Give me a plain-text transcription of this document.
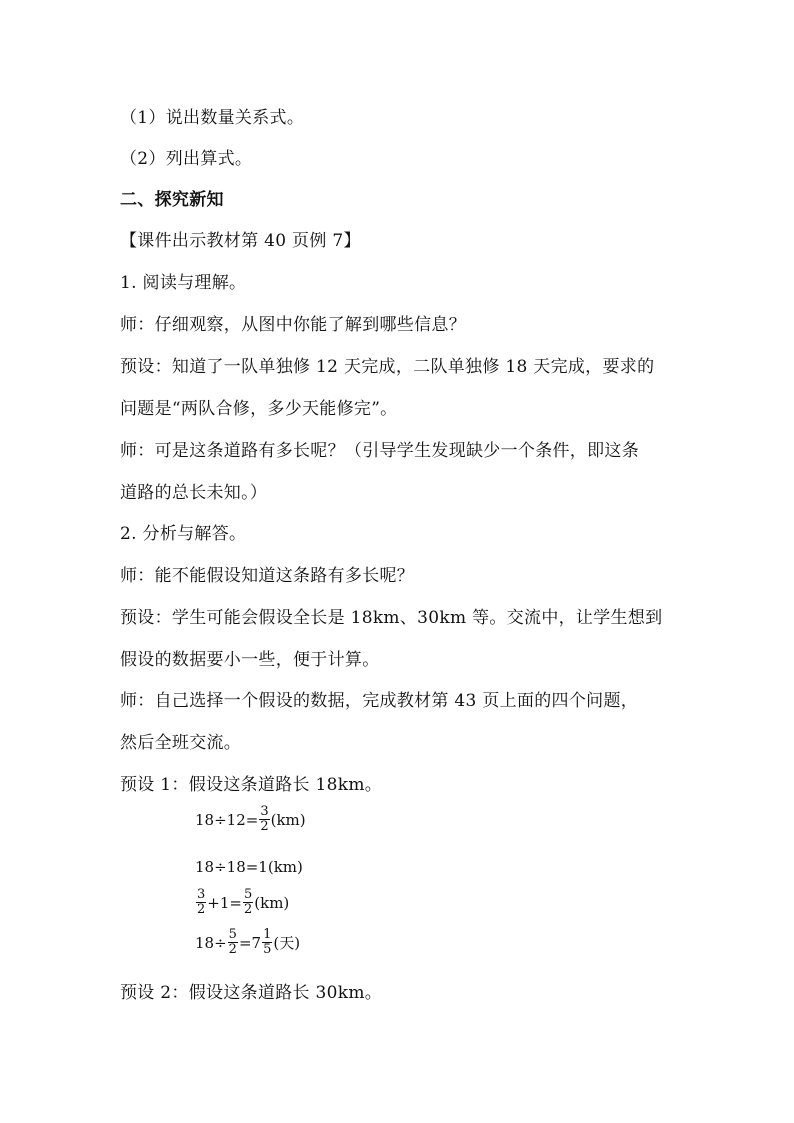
（1）说出数量关系式。
（2）列出算式。
二、探究新知
【课件出示教材第 40 页例 7】
1. 阅读与理解。
师：仔细观察，从图中你能了解到哪些信息？
预设：知道了一队单独修 12 天完成，二队单独修 18 天完成，要求的
问题是“两队合修，多少天能修完”。
师：可是这条道路有多长呢？（引导学生发现缺少一个条件，即这条
道路的总长未知。）
2. 分析与解答。
师：能不能假设知道这条路有多长呢？
预设：学生可能会假设全长是 18km、30km 等。交流中，让学生想到
假设的数据要小一些，便于计算。
师：自己选择一个假设的数据，完成教材第 43 页上面的四个问题，
然后全班交流。
预设 1：假设这条道路长 18km。
$18\div 12= \frac{3}{2} (km)$
18÷18=1(km)
$\frac{3}{2} +1= \frac{5}{2} (km)$
$18\div \frac{5}{2} =7 \frac{1}{5}$ (天)
预设 2：假设这条道路长 30km。
